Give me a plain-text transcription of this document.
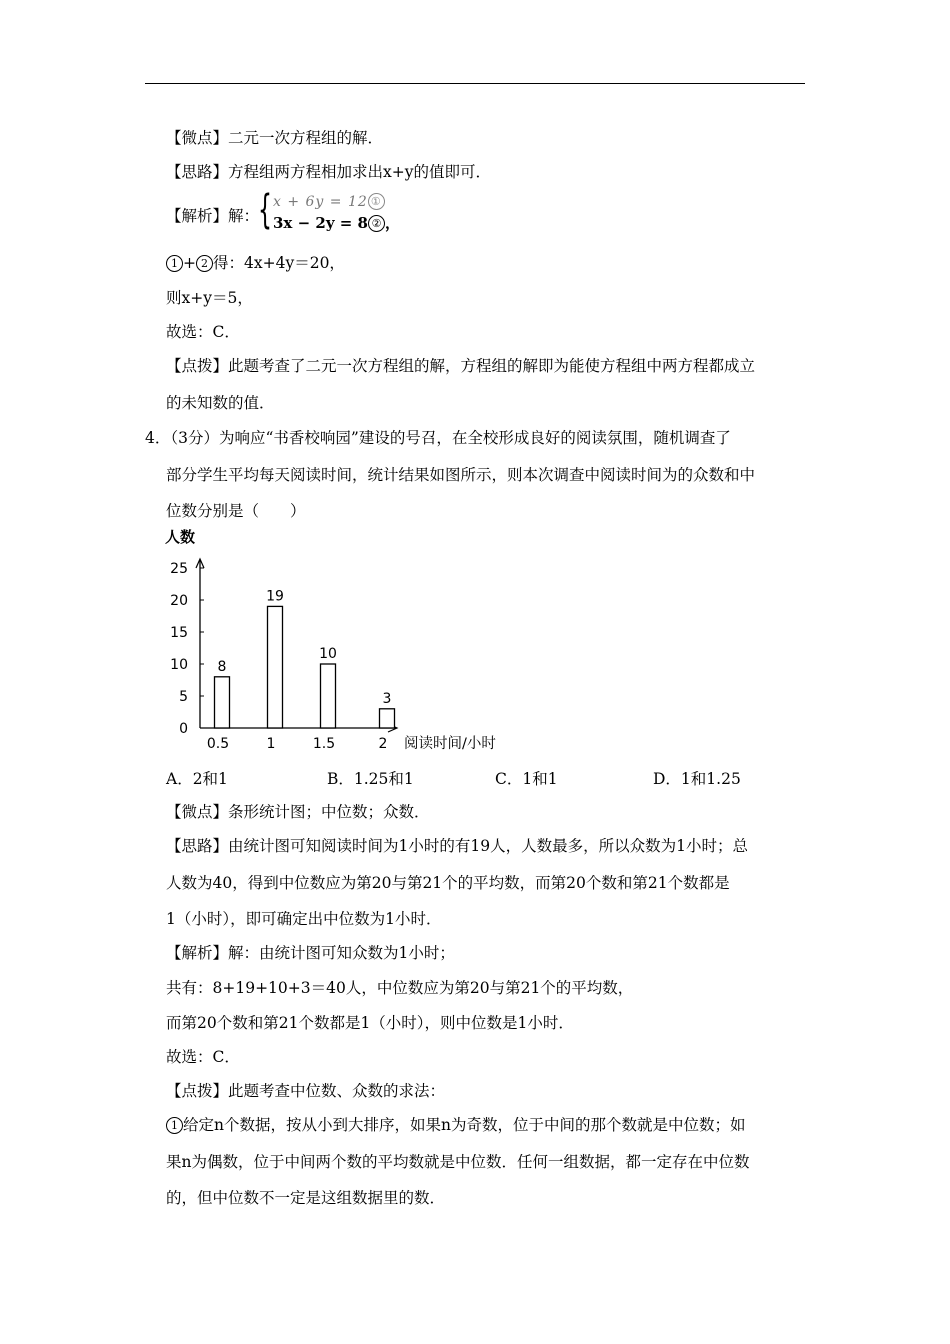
【微点】二元一次方程组的解．
【思路】方程组两方程相加求出x+y的值即可．
【解析】解：
{ x + 6y = 12 ①
3x − 2y = 8 ② ，
1 + 2 得：4x+4y＝20，
则x+y＝5，
故选：C．
【点拨】此题考查了二元一次方程组的解，方程组的解即为能使方程组中两方程都成立
的未知数的值．
4．（3分）为响应“书香校响园”建设的号召，在全校形成良好的阅读氛围，随机调查了
部分学生平均每天阅读时间，统计结果如图所示，则本次调查中阅读时间为的众数和中
位数分别是（　　）
0
5
10
15
20
25
人数
阅读时间/小时
8
0.5
19
1
10
1.5
3
2
A．2和1	B．1.25和1	C．1和1	D．1和1.25
【微点】条形统计图；中位数；众数．
【思路】由统计图可知阅读时间为1小时的有19人，人数最多，所以众数为1小时；总
人数为40，得到中位数应为第20与第21个的平均数，而第20个数和第21个数都是
1（小时），即可确定出中位数为1小时．
【解析】解：由统计图可知众数为1小时；
共有：8+19+10+3＝40人，中位数应为第20与第21个的平均数，
而第20个数和第21个数都是1（小时），则中位数是1小时．
故选：C．
【点拨】此题考查中位数、众数的求法：
1 给定n个数据，按从小到大排序，如果n为奇数，位于中间的那个数就是中位数；如
果n为偶数，位于中间两个数的平均数就是中位数．任何一组数据，都一定存在中位数
的，但中位数不一定是这组数据里的数．
